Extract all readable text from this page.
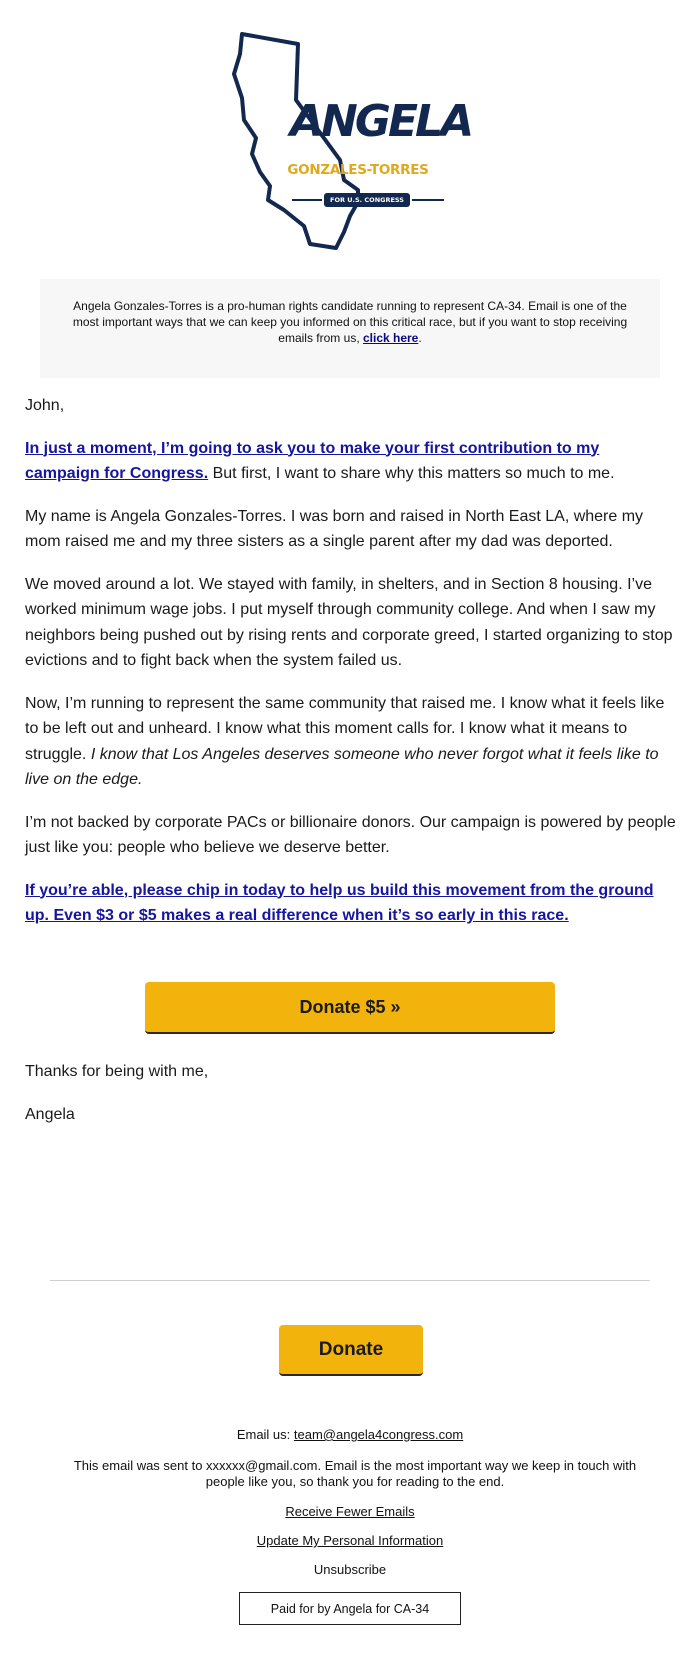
ANGELA
GONZALES-TORRES
FOR U.S. CONGRESS
Angela Gonzales-Torres is a pro-human rights candidate running to represent CA-34. Email is one of the most important ways that we can keep you informed on this critical race, but if you want to stop receiving emails from us, click here.

John,

In just a moment, I’m going to ask you to make your first contribution to my campaign for Congress. But first, I want to share why this matters so much to me.

My name is Angela Gonzales-Torres. I was born and raised in North East LA, where my mom raised me and my three sisters as a single parent after my dad was deported.

We moved around a lot. We stayed with family, in shelters, and in Section 8 housing. I’ve worked minimum wage jobs. I put myself through community college. And when I saw my neighbors being pushed out by rising rents and corporate greed, I started organizing to stop evictions and to fight back when the system failed us.

Now, I’m running to represent the same community that raised me. I know what it feels like to be left out and unheard. I know what this moment calls for. I know what it means to struggle. I know that Los Angeles deserves someone who never forgot what it feels like to live on the edge.

I’m not backed by corporate PACs or billionaire donors. Our campaign is powered by people just like you: people who believe we deserve better.

If you’re able, please chip in today to help us build this movement from the ground up. Even $3 or $5 makes a real difference when it’s so early in this race.

Donate $5 »

Thanks for being with me,

Angela

Donate
Email us: team@angela4congress.com
This email was sent to xxxxxx@gmail.com. Email is the most important way we keep in touch with people like you, so thank you for reading to the end.
Receive Fewer Emails
Update My Personal Information
Unsubscribe
Paid for by Angela for CA-34
